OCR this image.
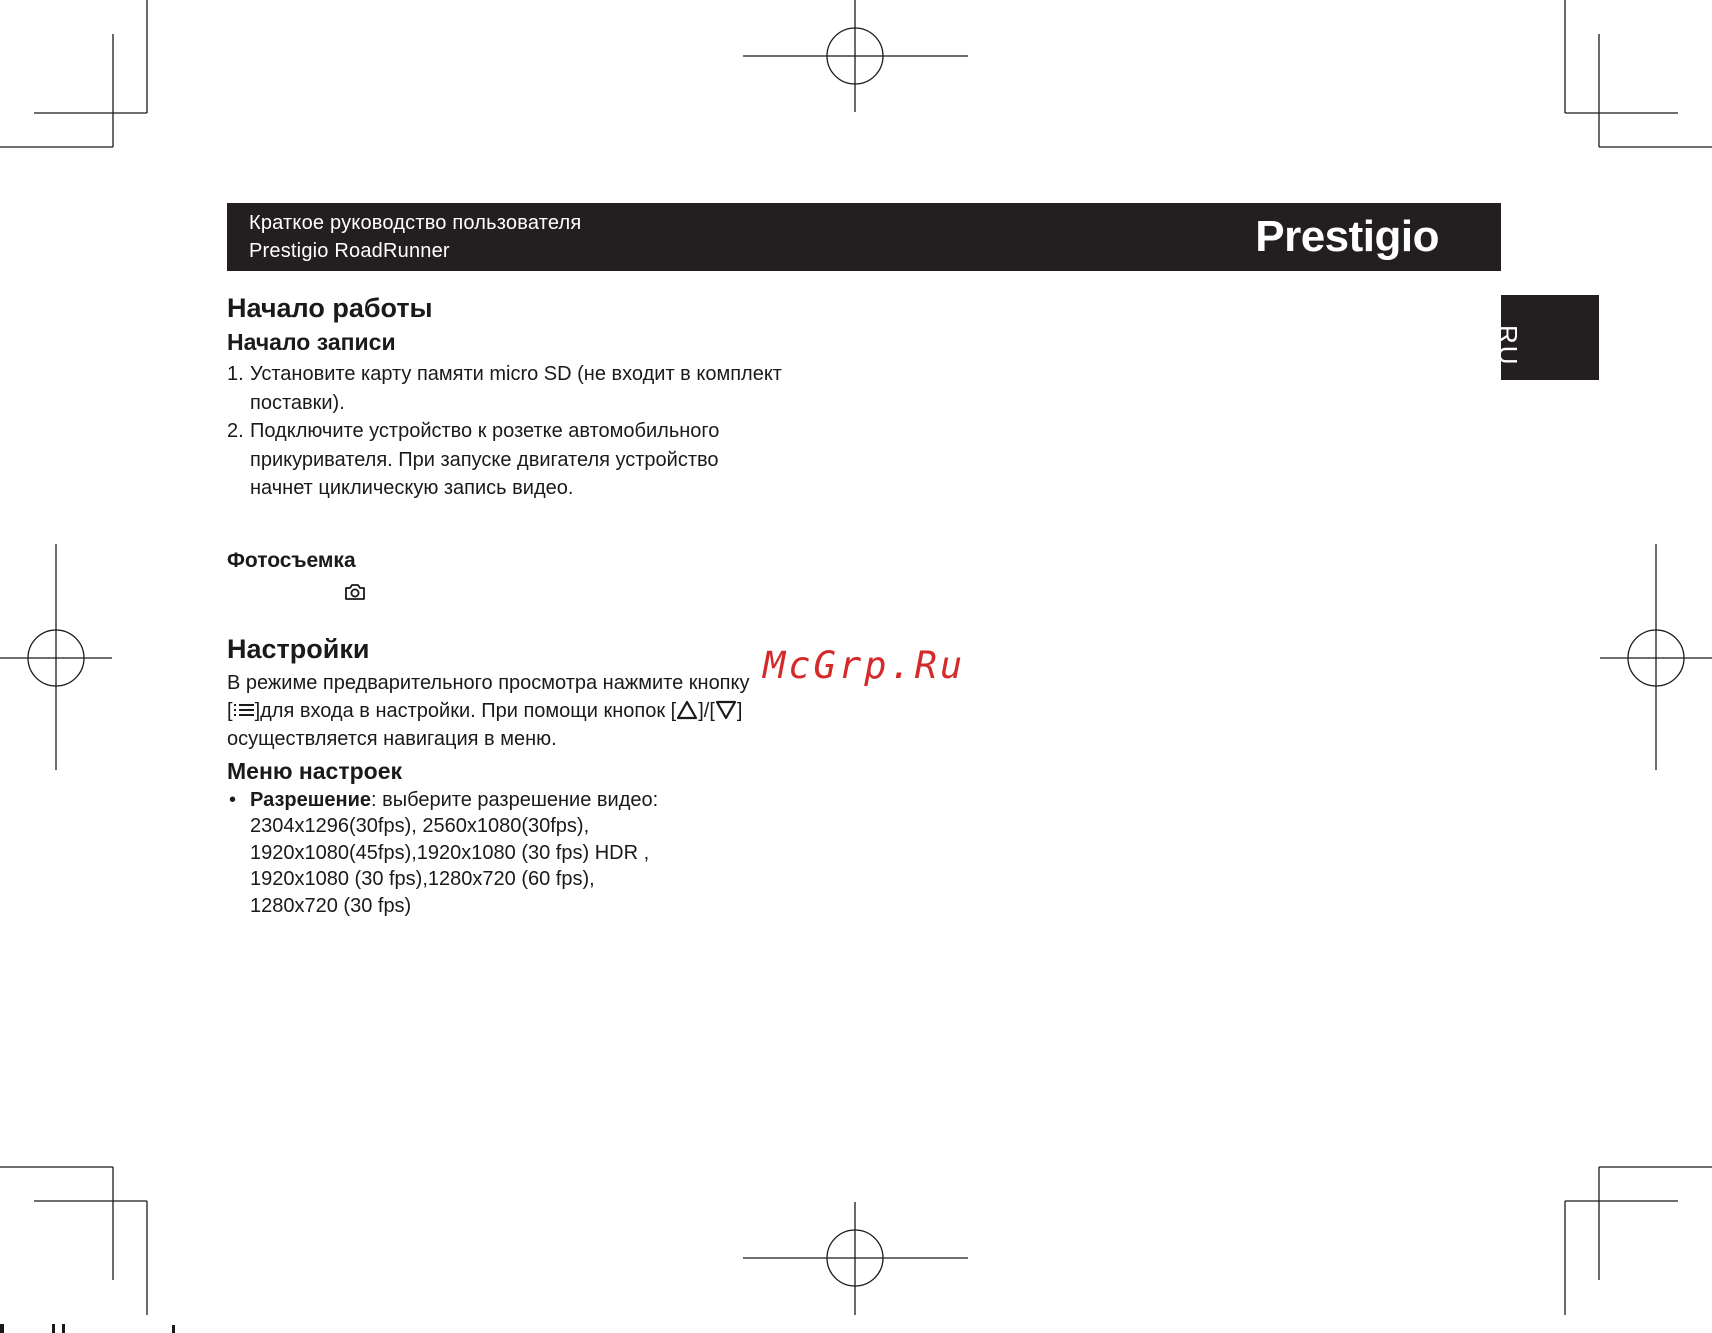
Краткое руководство пользователя
Prestigio RoadRunner	Prestigio
RU
Начало работы
Начало записи
1. Установите карту памяти micro SD (не входит в комплект
поставки).
2. Подключите устройство к розетке автомобильного
прикуривателя. При запуске двигателя устройство
начнет циклическую запись видео.
Фотосъемка
Настройки

В режиме предварительного просмотра нажмите кнопку

[ ]для входа в настройки. При помощи кнопок [ ]/[ ]

осуществляется навигация в меню.

Меню настроек
• Разрешение: выберите разрешение видео:
2304x1296(30fps), 2560x1080(30fps),
1920x1080(45fps),1920x1080 (30 fps) HDR ,
1920x1080 (30 fps),1280x720 (60 fps),
1280x720 (30 fps)
McGrp.Ru
